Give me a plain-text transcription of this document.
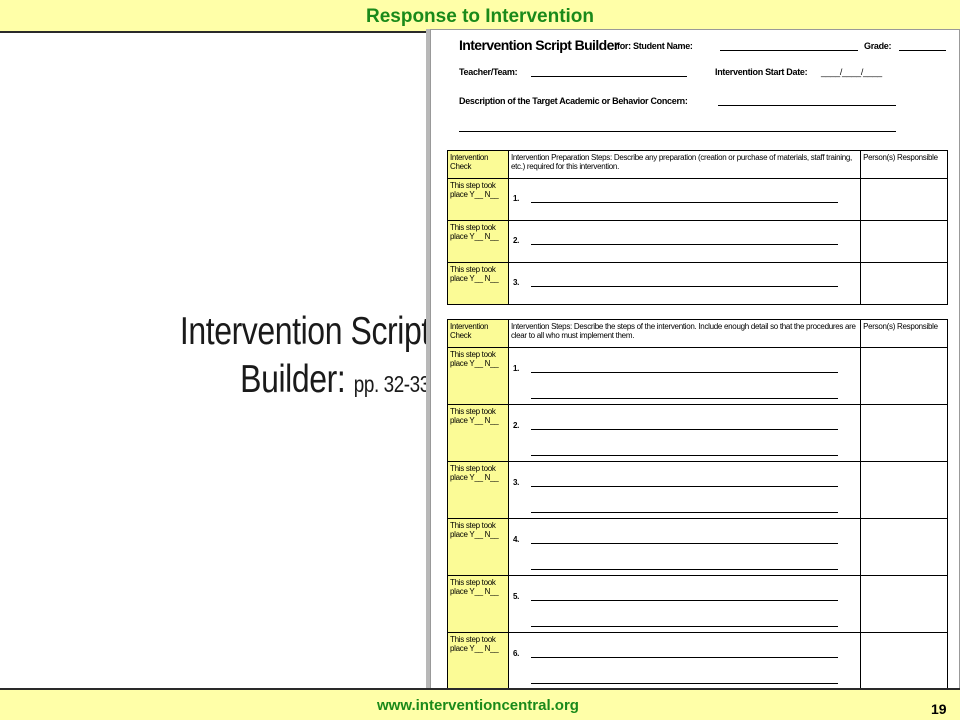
Response to Intervention
Intervention Script
Builder: pp. 32-33
Intervention Script Builder
for: Student Name:	Grade:
Teacher/Team:	Intervention Start Date: ____/____/____
Description of the Target Academic or Behavior Concern:
Intervention Check	Intervention Preparation Steps: Describe any preparation (creation or purchase of materials, staff training, etc.) required for this intervention.	Person(s) Responsible
This step took place Y__ N__	1.	

This step took place Y__ N__	2.	

This step took place Y__ N__	3.	

Intervention Check	Intervention Steps: Describe the steps of the intervention. Include enough detail so that the procedures are clear to all who must implement them.	Person(s) Responsible
This step took place Y__ N__	1.	

This step took place Y__ N__	2.	

This step took place Y__ N__	3.	

This step took place Y__ N__	4.	

This step took place Y__ N__	5.	

This step took place Y__ N__	6.	

www.interventioncentral.org	19
